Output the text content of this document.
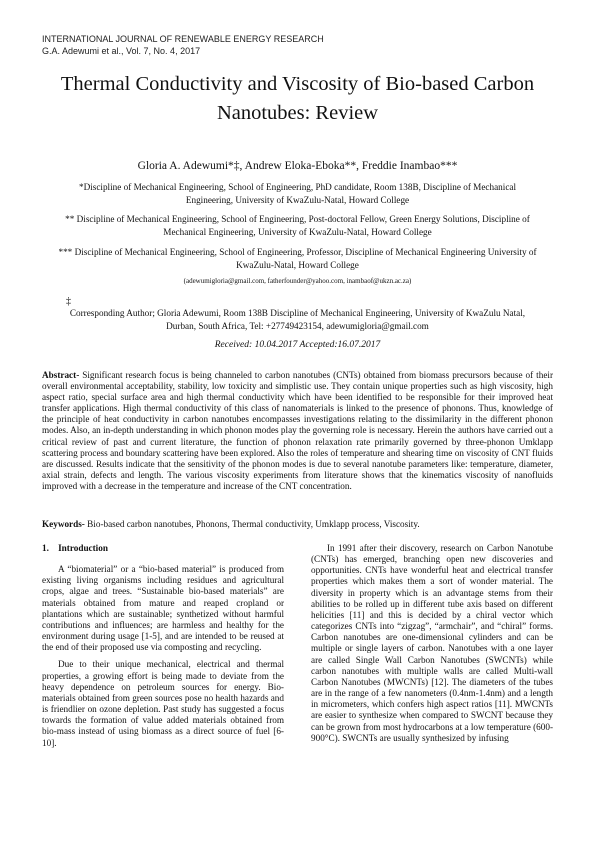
INTERNATIONAL JOURNAL OF RENEWABLE ENERGY RESEARCH
G.A. Adewumi et al., Vol. 7, No. 4, 2017
Thermal Conductivity and Viscosity of Bio-based Carbon Nanotubes: Review
Gloria A. Adewumi*‡, Andrew Eloka-Eboka**, Freddie Inambao***
*Discipline of Mechanical Engineering, School of Engineering, PhD candidate, Room 138B, Discipline of Mechanical Engineering, University of KwaZulu-Natal, Howard College
** Discipline of Mechanical Engineering, School of Engineering, Post-doctoral Fellow, Green Energy Solutions, Discipline of Mechanical Engineering, University of KwaZulu-Natal, Howard College
*** Discipline of Mechanical Engineering, School of Engineering, Professor, Discipline of Mechanical Engineering University of KwaZulu-Natal, Howard College
(adewumigloria@gmail.com, fatherfounder@yahoo.com, inambaof@ukzn.ac.za)
‡
Corresponding Author; Gloria Adewumi, Room 138B Discipline of Mechanical Engineering, University of KwaZulu Natal, Durban, South Africa, Tel: +27749423154, adewumigloria@gmail.com
Received: 10.04.2017 Accepted:16.07.2017

Abstract- Significant research focus is being channeled to carbon nanotubes (CNTs) obtained from biomass precursors because of their overall environmental acceptability, stability, low toxicity and simplistic use. They contain unique properties such as high viscosity, high aspect ratio, special surface area and high thermal conductivity which have been identified to be responsible for their improved heat transfer applications. High thermal conductivity of this class of nanomaterials is linked to the presence of phonons. Thus, knowledge of the principle of heat conductivity in carbon nanotubes encompasses investigations relating to the dissimilarity in the different phonon modes. Also, an in-depth understanding in which phonon modes play the governing role is necessary. Herein the authors have carried out a critical review of past and current literature, the function of phonon relaxation rate primarily governed by three-phonon Umklapp scattering process and boundary scattering have been explored. Also the roles of temperature and shearing time on viscosity of CNT fluids are discussed. Results indicate that the sensitivity of the phonon modes is due to several nanotube parameters like: temperature, diameter, axial strain, defects and length. The various viscosity experiments from literature shows that the kinematics viscosity of nanofluids improved with a decrease in the temperature and increase of the CNT concentration.

Keywords- Bio-based carbon nanotubes, Phonons, Thermal conductivity, Umklapp process, Viscosity.
1.    Introduction

A “biomaterial” or a “bio-based material” is produced from existing living organisms including residues and agricultural crops, algae and trees. “Sustainable bio-based materials” are materials obtained from mature and reaped cropland or plantations which are sustainable; synthetized without harmful contributions and influences; are harmless and healthy for the environment during usage [1-5], and are intended to be reused at the end of their proposed use via composting and recycling.

Due to their unique mechanical, electrical and thermal properties, a growing effort is being made to deviate from the heavy dependence on petroleum sources for energy. Bio-materials obtained from green sources pose no health hazards and is friendlier on ozone depletion. Past study has suggested a focus towards the formation of value added materials obtained from bio-mass instead of using biomass as a direct source of fuel [6-10].

In 1991 after their discovery, research on Carbon Nanotube (CNTs) has emerged, branching open new discoveries and opportunities. CNTs have wonderful heat and electrical transfer properties which makes them a sort of wonder material. The diversity in property which is an advantage stems from their abilities to be rolled up in different tube axis based on different helicities [11] and this is decided by a chiral vector which categorizes CNTs into “zigzag”, “armchair”, and “chiral” forms. Carbon nanotubes are one-dimensional cylinders and can be multiple or single layers of carbon. Nanotubes with a one layer are called Single Wall Carbon Nanotubes (SWCNTs) while carbon nanotubes with multiple walls are called Multi-wall Carbon Nanotubes (MWCNTs) [12]. The diameters of the tubes are in the range of a few nanometers (0.4nm-1.4nm) and a length in micrometers, which confers high aspect ratios [11]. MWCNTs are easier to synthesize when compared to SWCNT because they can be grown from most hydrocarbons at a low temperature (600-900°C). SWCNTs are usually synthesized by infusing
